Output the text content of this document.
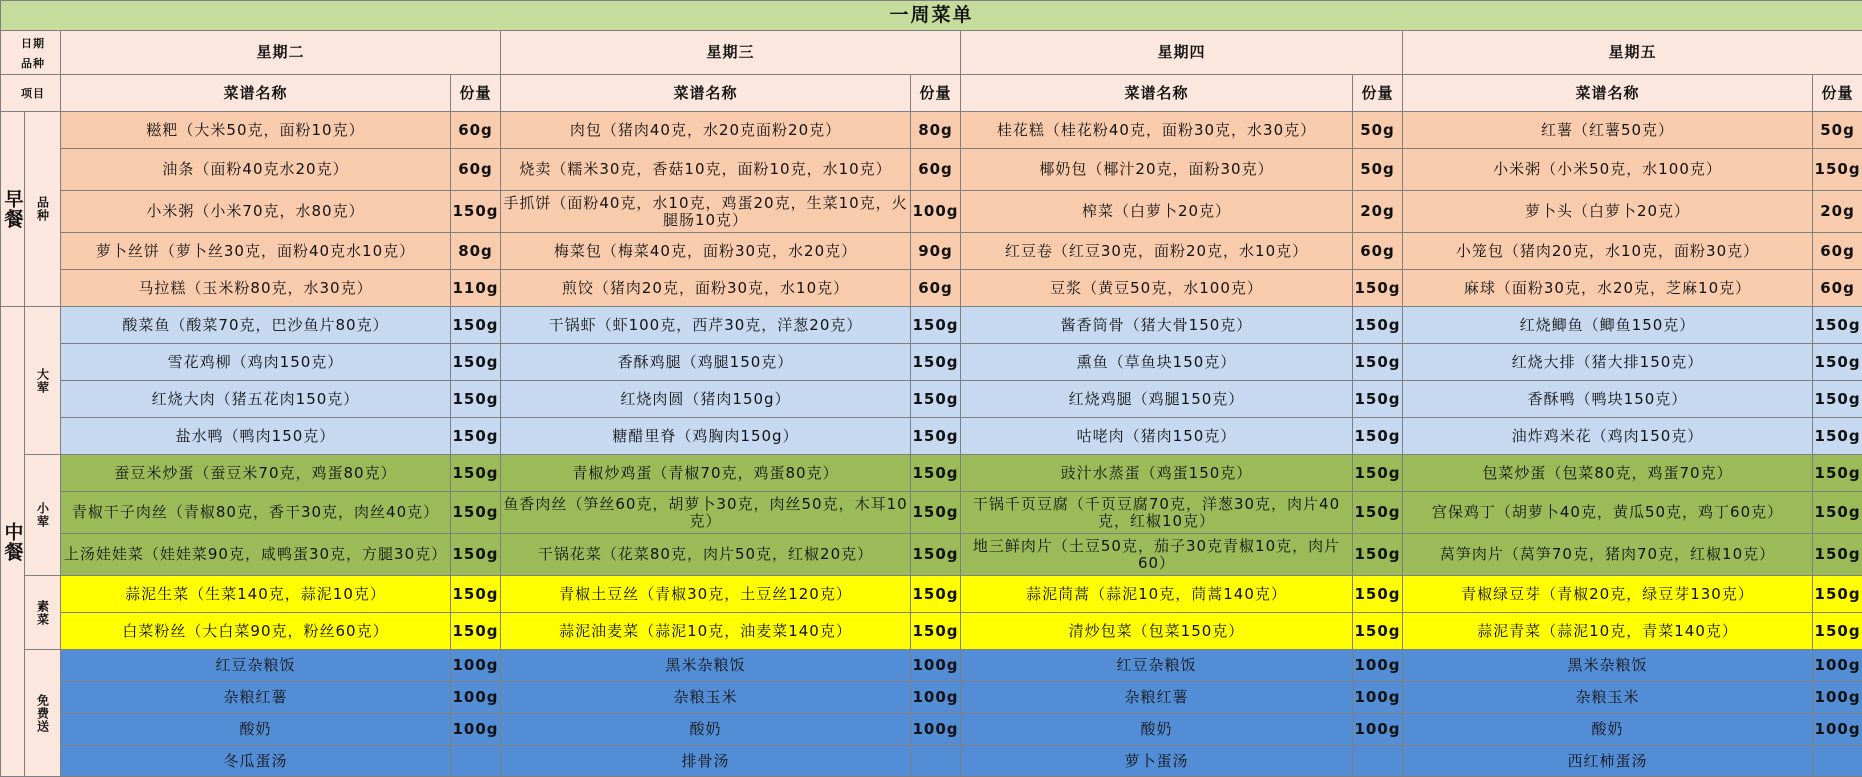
一周菜单									

日期
品种		星期二		星期三		星期四		星期五	

项目		菜谱名称	份量	菜谱名称	份量	菜谱名称	份量	菜谱名称	份量
早餐	品种	糍粑（大米50克，面粉10克）	60g	肉包（猪肉40克，水20克面粉20克）	80g	桂花糕（桂花粉40克，面粉30克，水30克）	50g	红薯（红薯50克）	50g
		油条（面粉40克水20克）	60g	烧卖（糯米30克，香菇10克，面粉10克，水10克）	60g	椰奶包（椰汁20克，面粉30克）	50g	小米粥（小米50克，水100克）	150g
		小米粥（小米70克，水80克）	150g	手抓饼（面粉40克，水10克，鸡蛋20克，生菜10克，火腿肠10克）	100g	榨菜（白萝卜20克）	20g	萝卜头（白萝卜20克）	20g
		萝卜丝饼（萝卜丝30克，面粉40克水10克）	80g	梅菜包（梅菜40克，面粉30克，水20克）	90g	红豆卷（红豆30克，面粉20克，水10克）	60g	小笼包（猪肉20克，水10克，面粉30克）	60g
		马拉糕（玉米粉80克，水30克）	110g	煎饺（猪肉20克，面粉30克，水10克）	60g	豆浆（黄豆50克，水100克）	150g	麻球（面粉30克，水20克，芝麻10克）	60g
中餐	大荤	酸菜鱼（酸菜70克，巴沙鱼片80克）	150g	干锅虾（虾100克，西芹30克，洋葱20克）	150g	酱香筒骨（猪大骨150克）	150g	红烧鲫鱼（鲫鱼150克）	150g
		雪花鸡柳（鸡肉150克）	150g	香酥鸡腿（鸡腿150克）	150g	熏鱼（草鱼块150克）	150g	红烧大排（猪大排150克）	150g
		红烧大肉（猪五花肉150克）	150g	红烧肉圆（猪肉150g）	150g	红烧鸡腿（鸡腿150克）	150g	香酥鸭（鸭块150克）	150g
		盐水鸭（鸭肉150克）	150g	糖醋里脊（鸡胸肉150g）	150g	咕咾肉（猪肉150克）	150g	油炸鸡米花（鸡肉150克）	150g
	小荤	蚕豆米炒蛋（蚕豆米70克，鸡蛋80克）	150g	青椒炒鸡蛋（青椒70克，鸡蛋80克）	150g	豉汁水蒸蛋（鸡蛋150克）	150g	包菜炒蛋（包菜80克，鸡蛋70克）	150g
		青椒干子肉丝（青椒80克，香干30克，肉丝40克）	150g	鱼香肉丝（笋丝60克，胡萝卜30克，肉丝50克，木耳10克）	150g	干锅千页豆腐（千页豆腐70克，洋葱30克，肉片40克，红椒10克）	150g	宫保鸡丁（胡萝卜40克，黄瓜50克，鸡丁60克）	150g
		上汤娃娃菜（娃娃菜90克，咸鸭蛋30克，方腿30克）	150g	干锅花菜（花菜80克，肉片50克，红椒20克）	150g	地三鲜肉片（土豆50克，茄子30克青椒10克，肉片60）	150g	莴笋肉片（莴笋70克，猪肉70克，红椒10克）	150g
	素菜	蒜泥生菜（生菜140克，蒜泥10克）	150g	青椒土豆丝（青椒30克，土豆丝120克）	150g	蒜泥茼蒿（蒜泥10克，茼蒿140克）	150g	青椒绿豆芽（青椒20克，绿豆芽130克）	150g
		白菜粉丝（大白菜90克，粉丝60克）	150g	蒜泥油麦菜（蒜泥10克，油麦菜140克）	150g	清炒包菜（包菜150克）	150g	蒜泥青菜（蒜泥10克，青菜140克）	150g
	免费送	红豆杂粮饭	100g	黑米杂粮饭	100g	红豆杂粮饭	100g	黑米杂粮饭	100g
		杂粮红薯	100g	杂粮玉米	100g	杂粮红薯	100g	杂粮玉米	100g
		酸奶	100g	酸奶	100g	酸奶	100g	酸奶	100g
		冬瓜蛋汤		排骨汤		萝卜蛋汤		西红柿蛋汤	
